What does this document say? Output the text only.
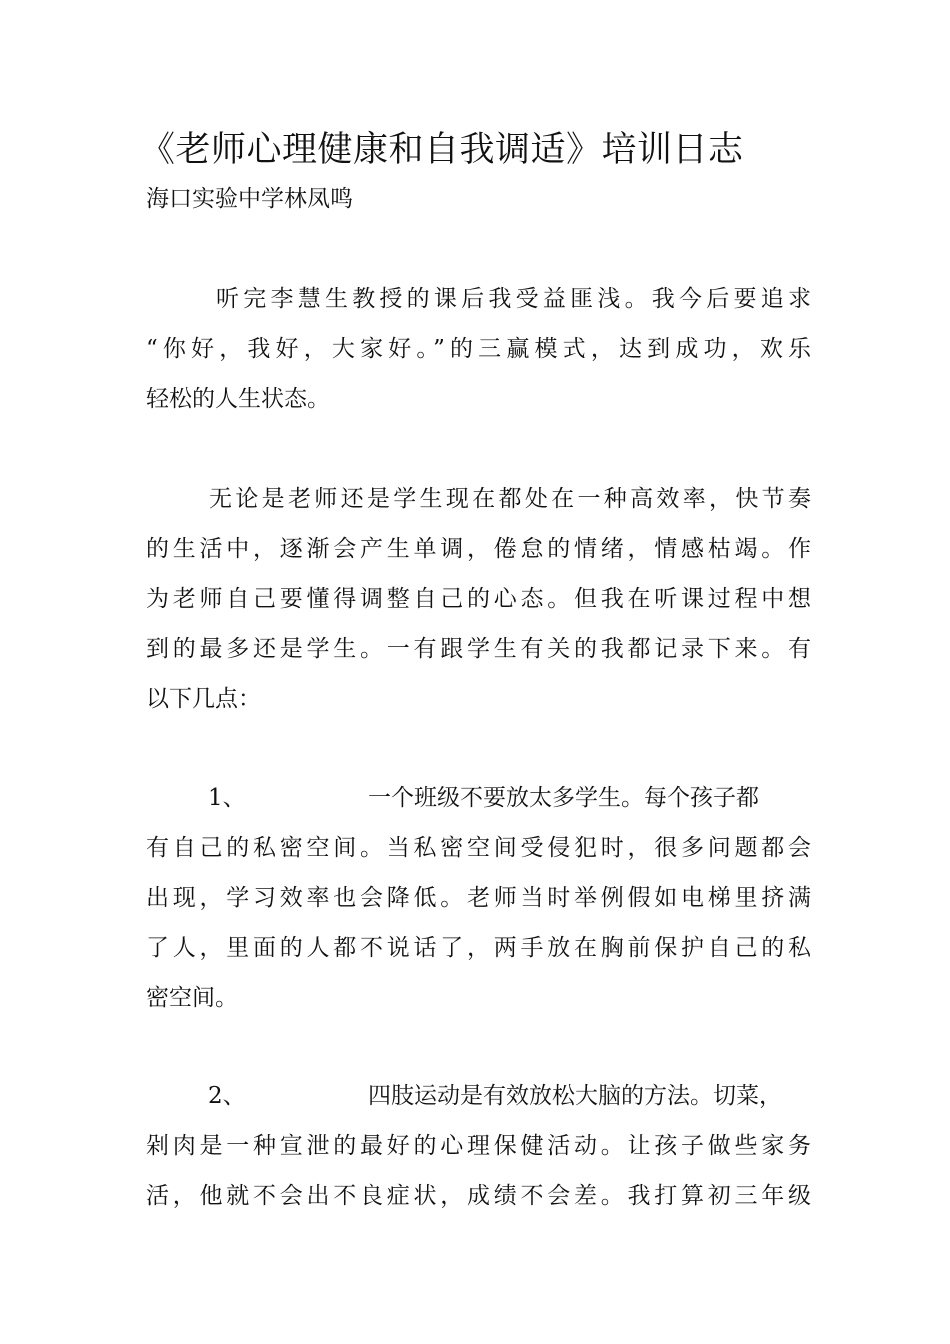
《老师心理健康和自我调适》培训日志
海口实验中学林凤鸣
听完李慧生教授的课后我受益匪浅。我今后要追求
“你好，我好，大家好。”的三赢模式，达到成功，欢乐
轻松的人生状态。
无论是老师还是学生现在都处在一种高效率，快节奏
的生活中，逐渐会产生单调，倦怠的情绪，情感枯竭。作
为老师自己要懂得调整自己的心态。但我在听课过程中想
到的最多还是学生。一有跟学生有关的我都记录下来。有
以下几点：
1、	一个班级不要放太多学生。每个孩子都
有自己的私密空间。当私密空间受侵犯时，很多问题都会
出现，学习效率也会降低。老师当时举例假如电梯里挤满
了人，里面的人都不说话了，两手放在胸前保护自己的私
密空间。
2、	四肢运动是有效放松大脑的方法。切菜，
剁肉是一种宣泄的最好的心理保健活动。让孩子做些家务
活，他就不会出不良症状，成绩不会差。我打算初三年级
